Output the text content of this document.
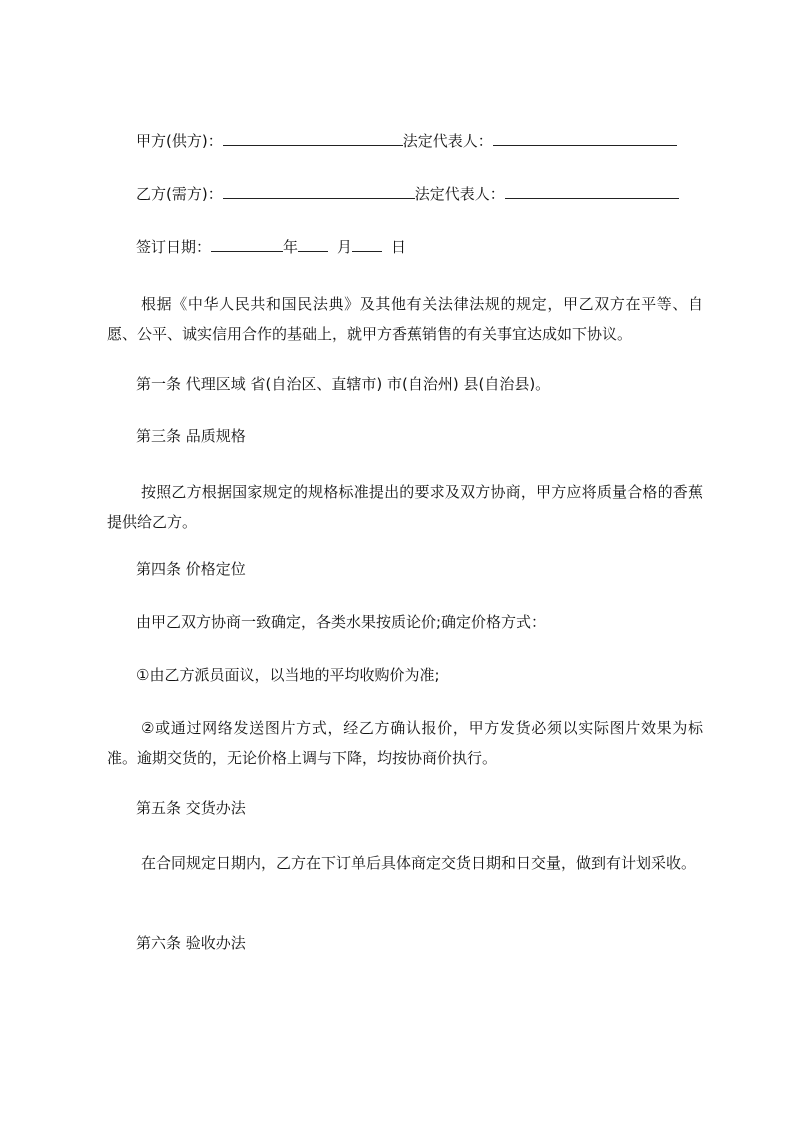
甲方(供方)：	法定代表人：
乙方(需方)：	法定代表人：
签订日期：	年	月	日
根据《中华人民共和国民法典》及其他有关法律法规的规定，甲乙双方在平等、自愿、公平、诚实信用合作的基础上，就甲方香蕉销售的有关事宜达成如下协议。
第一条 代理区域 省(自治区、直辖市) 市(自治州) 县(自治县)。
第三条 品质规格
按照乙方根据国家规定的规格标准提出的要求及双方协商，甲方应将质量合格的香蕉提供给乙方。
第四条 价格定位
由甲乙双方协商一致确定，各类水果按质论价;确定价格方式：
①由乙方派员面议，以当地的平均收购价为准;
②或通过网络发送图片方式，经乙方确认报价，甲方发货必须以实际图片效果为标准。逾期交货的，无论价格上调与下降，均按协商价执行。
第五条 交货办法
在合同规定日期内，乙方在下订单后具体商定交货日期和日交量，做到有计划采收。
第六条 验收办法
